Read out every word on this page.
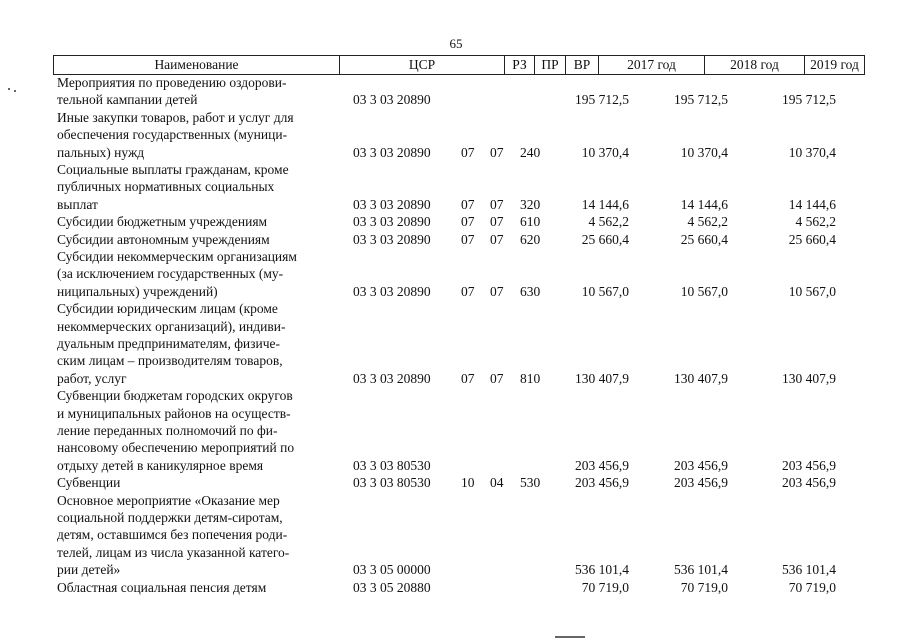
65
Наименование	ЦСР	РЗ	ПР	ВР	2017 год	2018 год	2019 год
Мероприятия по проведению оздорови-
тельной кампании детей	03 3 03 20890	195 712,5	195 712,5	195 712,5
Иные закупки товаров, работ и услуг для
обеспечения государственных (муници-
пальных) нужд	03 3 03 20890 07 07 240	10 370,4	10 370,4	10 370,4
Социальные выплаты гражданам, кроме
публичных нормативных социальных
выплат	03 3 03 20890 07 07 320	14 144,6	14 144,6	14 144,6
Субсидии бюджетным учреждениям	03 3 03 20890 07 07 610	4 562,2	4 562,2	4 562,2
Субсидии автономным учреждениям	03 3 03 20890 07 07 620	25 660,4	25 660,4	25 660,4
Субсидии некоммерческим организациям
(за исключением государственных (му-
ниципальных) учреждений)	03 3 03 20890 07 07 630	10 567,0	10 567,0	10 567,0
Субсидии юридическим лицам (кроме
некоммерческих организаций), индиви-
дуальным предпринимателям, физиче-
ским лицам – производителям товаров,
работ, услуг	03 3 03 20890 07 07 810	130 407,9	130 407,9	130 407,9
Субвенции бюджетам городских округов
и муниципальных районов на осуществ-
ление переданных полномочий по фи-
нансовому обеспечению мероприятий по
отдыху детей в каникулярное время	03 3 03 80530	203 456,9	203 456,9	203 456,9
Субвенции	03 3 03 80530 10 04 530	203 456,9	203 456,9	203 456,9
Основное мероприятие «Оказание мер
социальной поддержки детям-сиротам,
детям, оставшимся без попечения роди-
телей, лицам из числа указанной катего-
рии детей»	03 3 05 00000	536 101,4	536 101,4	536 101,4
Областная социальная пенсия детям	03 3 05 20880	70 719,0	70 719,0	70 719,0
